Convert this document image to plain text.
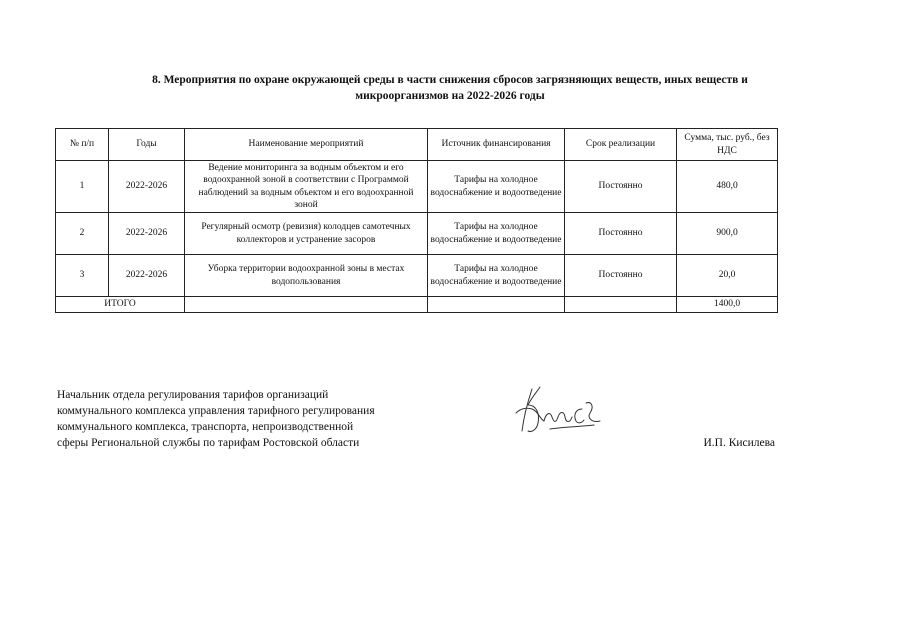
8. Мероприятия по охране окружающей среды в части снижения сбросов загрязняющих веществ, иных веществ и
микроорганизмов на 2022-2026 годы
№ п/п	Годы	Наименование мероприятий	Источник финансирования	Срок реализации	Сумма, тыс. руб., без НДС
1	2022-2026	Ведение мониторинга за водным объектом и его водоохранной зоной в соответствии с Программой наблюдений за водным объектом и его водоохранной зоной	Тарифы на холодное водоснабжение и водоотведение	Постоянно	480,0
2	2022-2026	Регулярный осмотр (ревизия) колодцев самотечных коллекторов и устранение засоров	Тарифы на холодное водоснабжение и водоотведение	Постоянно	900,0
3	2022-2026	Уборка территории водоохранной зоны в местах водопользования	Тарифы на холодное водоснабжение и водоотведение	Постоянно	20,0
ИТОГО					1400,0
Начальник отдела регулирования тарифов организаций
коммунального комплекса управления тарифного регулирования
коммунального комплекса, транспорта, непроизводственной
сферы Региональной службы по тарифам Ростовской области	И.П. Кисилева
